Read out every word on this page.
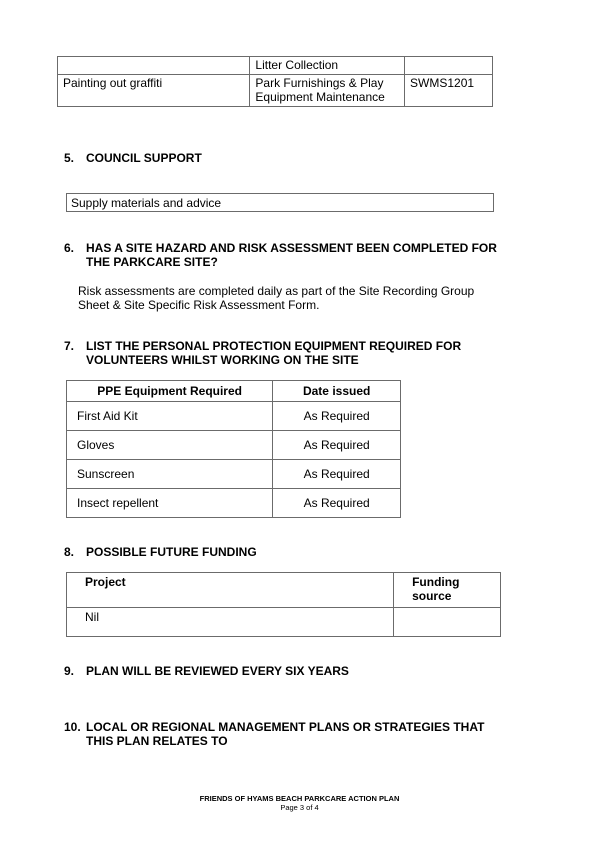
	Litter Collection	
Painting out graffiti	Park Furnishings & Play Equipment Maintenance	SWMS1201
5. COUNCIL SUPPORT
Supply materials and advice
6. HAS A SITE HAZARD AND RISK ASSESSMENT BEEN COMPLETED FOR THE PARKCARE SITE?
Risk assessments are completed daily as part of the Site Recording Group Sheet & Site Specific Risk Assessment Form.
7. LIST THE PERSONAL PROTECTION EQUIPMENT REQUIRED FOR VOLUNTEERS WHILST WORKING ON THE SITE
PPE Equipment Required	Date issued
First Aid Kit	As Required
Gloves	As Required
Sunscreen	As Required
Insect repellent	As Required
8. POSSIBLE FUTURE FUNDING
Project	Funding source
Nil	
9. PLAN WILL BE REVIEWED EVERY SIX YEARS
10. LOCAL OR REGIONAL MANAGEMENT PLANS OR STRATEGIES THAT THIS PLAN RELATES TO
FRIENDS OF HYAMS BEACH PARKCARE ACTION PLAN
Page 3 of 4
